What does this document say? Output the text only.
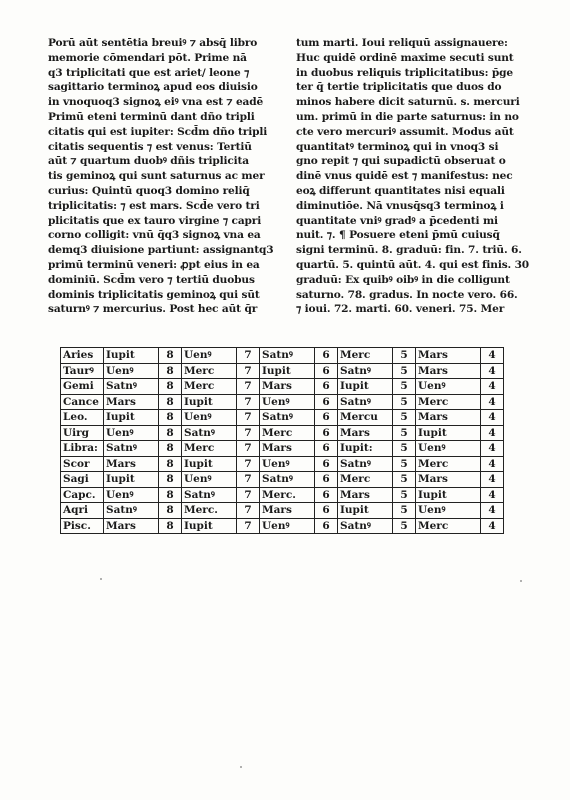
Porū aūt sentētia breuiꝰ ⁊ absq̄ libro
memorie cōmendari pōt. Prime nā
q3 triplicitati que est ariet/ leone ⁊
sagittario terminoꝝ apud eos diuisio
in vnoquoq3 signoꝝ eiꝰ vna est ⁊ eadē
Primū eteni terminū dant dño tripli
citatis qui est iupiter: Scd̄m dño tripli
citatis sequentis ⁊ est venus: Tertiū
aūt ⁊ quartum duobꝰ dñis triplicita
tis geminoꝝ qui sunt saturnus ac mer
curius: Quintū quoq3 domino reliq̄
triplicitatis: ⁊ est mars. Scd̄e vero tri
plicitatis que ex tauro virgine ⁊ capri
corno colligit: vnū q̄q3 signoꝝ vna ea
demq3 diuisione partiunt: assignantq3
primū terminū veneri: ꝓpt eius in ea
dominiū. Scd̄m vero ⁊ tertiū duobus
dominis triplicitatis geminoꝝ qui sūt
saturnꝰ ⁊ mercurius. Post hec aūt q̄r
tum marti. Ioui reliquū assignauere:
Huc quidē ordinē maxime secuti sunt
in duobus reliquis triplicitatibus: p̄ge
ter q̄ tertie triplicitatis que duos do
minos habere dicit saturnū. s. mercuri
um. primū in die parte saturnus: in no
cte vero mercuriꝰ assumit. Modus aūt
quantitatꝰ terminoꝝ qui in vnoq3 si
gno repit ⁊ qui supadictū obseruat o
dinē vnus quidē est ⁊ manifestus: nec
eoꝝ differunt quantitates nisi equali
diminutiōe. Nā vnusq̄sq3 terminoꝝ i
quantitate vniꝰ gradꝰ a p̄cedenti mi
nuit. ⁊. ¶ Posuere eteni p̄mū cuiusq̄
signi terminū. 8. graduū: fin. 7. triū. 6.
quartū. 5. quintū aūt. 4. qui est finis. 30
graduū: Ex quibꝰ oibꝰ in die colligunt
saturno. 78. gradus. In nocte vero. 66.
⁊ ioui. 72. marti. 60. veneri. 75. Mer
Aries	Iupit	8	Uenꝰ	7	Satnꝰ	6	Merc	5	Mars	4
Taurꝰ	Uenꝰ	8	Merc	7	Iupit	6	Satnꝰ	5	Mars	4
Gemi	Satnꝰ	8	Merc	7	Mars	6	Iupit	5	Uenꝰ	4
Cance	Mars	8	Iupit	7	Uenꝰ	6	Satnꝰ	5	Merc	4
Leo.	Iupit	8	Uenꝰ	7	Satnꝰ	6	Mercu	5	Mars	4
Uirg	Uenꝰ	8	Satnꝰ	7	Merc	6	Mars	5	Iupit	4
Libra:	Satnꝰ	8	Merc	7	Mars	6	Iupit:	5	Uenꝰ	4
Scor	Mars	8	Iupit	7	Uenꝰ	6	Satnꝰ	5	Merc	4
Sagi	Iupit	8	Uenꝰ	7	Satnꝰ	6	Merc	5	Mars	4
Capc.	Uenꝰ	8	Satnꝰ	7	Merc.	6	Mars	5	Iupit	4
Aqri	Satnꝰ	8	Merc.	7	Mars	6	Iupit	5	Uenꝰ	4
Pisc.	Mars	8	Iupit	7	Uenꝰ	6	Satnꝰ	5	Merc	4
